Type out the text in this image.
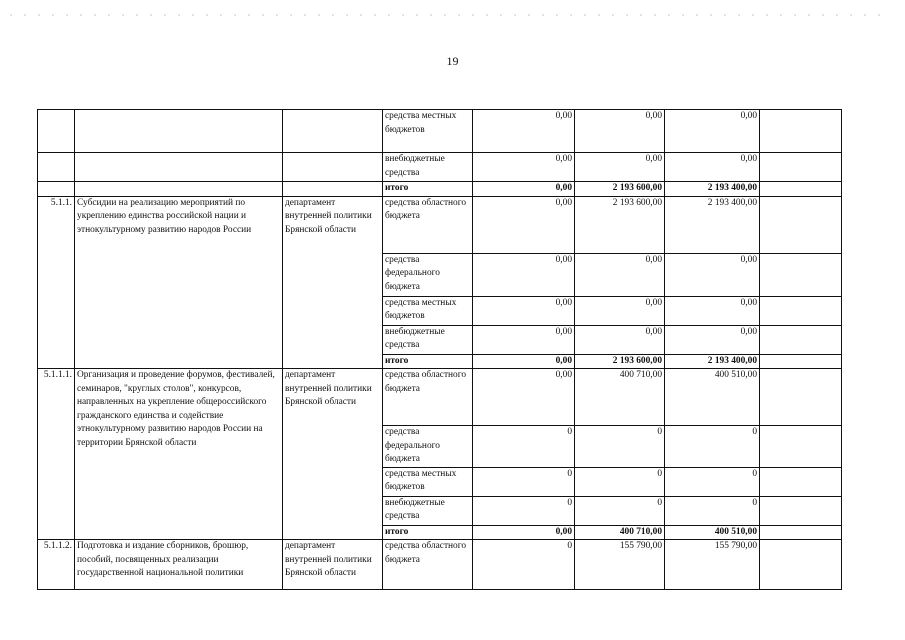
19
			средства местных бюджетов	0,00	0,00	0,00	
			внебюджетные средства	0,00	0,00	0,00	
			итого	0,00	2 193 600,00	2 193 400,00	
5.1.1.	Субсидии на реализацию мероприятий по укреплению единства российской нации и этнокультурному развитию народов России	департамент внутренней политики Брянской области	средства областного бюджета	0,00	2 193 600,00	2 193 400,00	
			средства федерального бюджета	0,00	0,00	0,00	
			средства местных бюджетов	0,00	0,00	0,00	
			внебюджетные средства	0,00	0,00	0,00	
			итого	0,00	2 193 600,00	2 193 400,00	
5.1.1.1.	Организация и проведение форумов, фестивалей, семинаров, "круглых столов", конкурсов, направленных на укрепление общероссийского гражданского единства и содействие этнокультурному развитию народов России на территории Брянской области	департамент внутренней политики Брянской области	средства областного бюджета	0,00	400 710,00	400 510,00	
			средства федерального бюджета	0	0	0	
			средства местных бюджетов	0	0	0	
			внебюджетные средства	0	0	0	
			итого	0,00	400 710,00	400 510,00	
5.1.1.2.	Подготовка и издание сборников, брошюр, пособий, посвященных реализации государственной национальной политики	департамент внутренней политики Брянской области	средства областного бюджета	0	155 790,00	155 790,00	
